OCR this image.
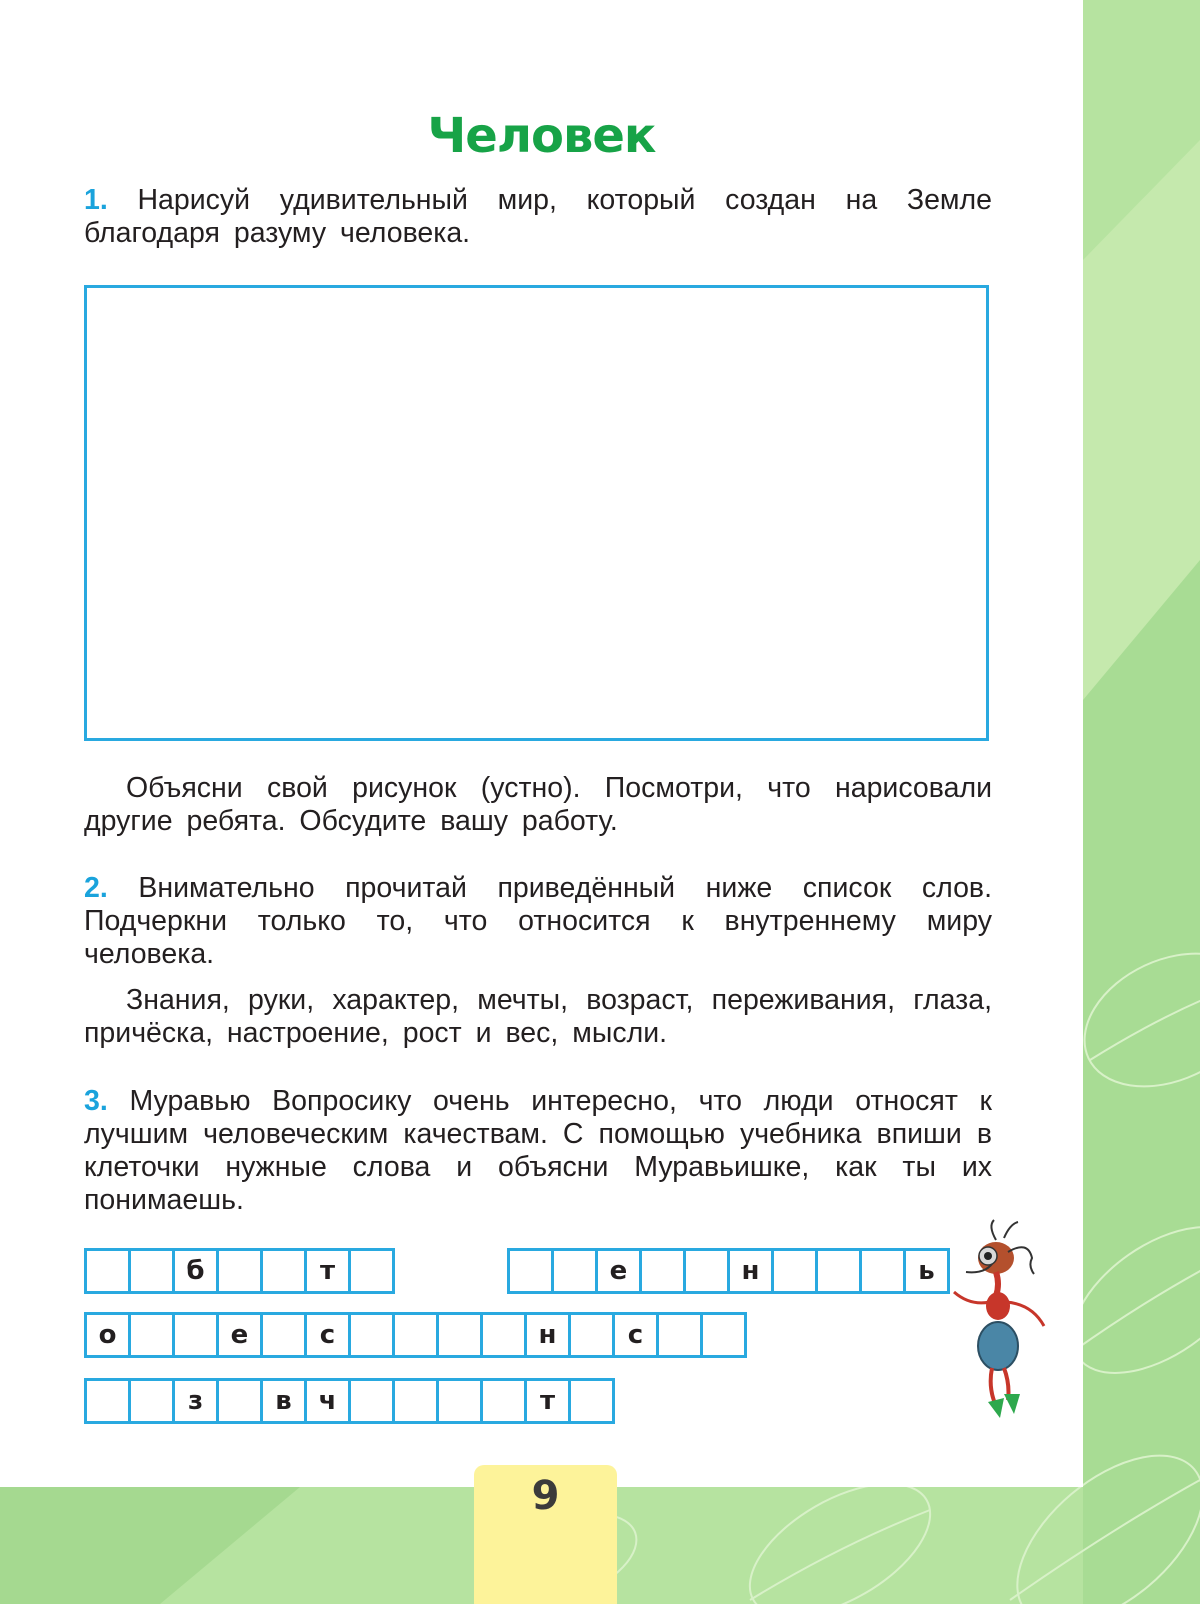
Человек

1. Нарисуй удивительный мир, который создан на Земле благодаря разуму человека.

Объясни свой рисунок (устно). Посмотри, что нарисовали другие ребята. Обсудите вашу работу.

2. Внимательно прочитай приведённый ниже список слов. Подчеркни только то, что относится к внутреннему миру человека.

Знания, руки, характер, мечты, возраст, переживания, глаза, причёска, настроение, рост и вес, мысли.

3. Муравью Вопросику очень интересно, что люди относят к лучшим человеческим качествам. С помощью учебника впиши в клеточки нужные слова и объясни Муравьишке, как ты их понимаешь.

б	т	е	н	ь
о	е	с	н	с
з	в	ч	т
9
